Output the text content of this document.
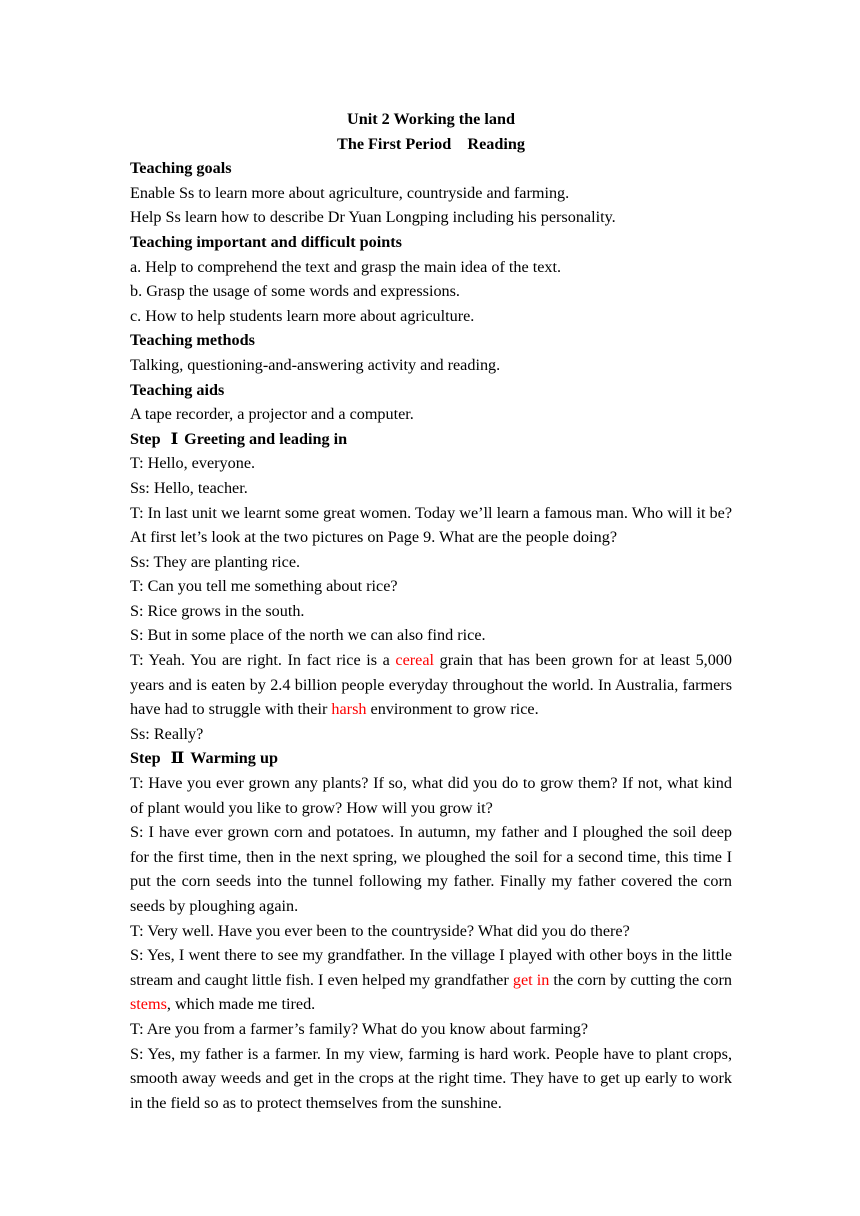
Unit 2 Working the land

The First Period    Reading

Teaching goals

Enable Ss to learn more about agriculture, countryside and farming.

Help Ss learn how to describe Dr Yuan Longping including his personality.

Teaching important and difficult points

a. Help to comprehend the text and grasp the main idea of the text.

b. Grasp the usage of some words and expressions.

c. How to help students learn more about agriculture.

Teaching methods

Talking, questioning-and-answering activity and reading.

Teaching aids

A tape recorder, a projector and a computer.

Step Ⅰ Greeting and leading in

T: Hello, everyone.

Ss: Hello, teacher.

T: In last unit we learnt some great women. Today we’ll learn a famous man. Who will it be? At first let’s look at the two pictures on Page 9. What are the people doing?

Ss: They are planting rice.

T: Can you tell me something about rice?

S: Rice grows in the south.

S: But in some place of the north we can also find rice.

T: Yeah. You are right. In fact rice is a cereal grain that has been grown for at least 5,000 years and is eaten by 2.4 billion people everyday throughout the world. In Australia, farmers have had to struggle with their harsh environment to grow rice.

Ss: Really?

Step Ⅱ Warming up

T: Have you ever grown any plants? If so, what did you do to grow them? If not, what kind of plant would you like to grow? How will you grow it?

S: I have ever grown corn and potatoes. In autumn, my father and I ploughed the soil deep for the first time, then in the next spring, we ploughed the soil for a second time, this time I put the corn seeds into the tunnel following my father. Finally my father covered the corn seeds by ploughing again.

T: Very well. Have you ever been to the countryside? What did you do there?

S: Yes, I went there to see my grandfather. In the village I played with other boys in the little stream and caught little fish. I even helped my grandfather get in the corn by cutting the corn stems, which made me tired.

T: Are you from a farmer’s family? What do you know about farming?

S: Yes, my father is a farmer. In my view, farming is hard work. People have to plant crops, smooth away weeds and get in the crops at the right time. They have to get up early to work in the field so as to protect themselves from the sunshine.
